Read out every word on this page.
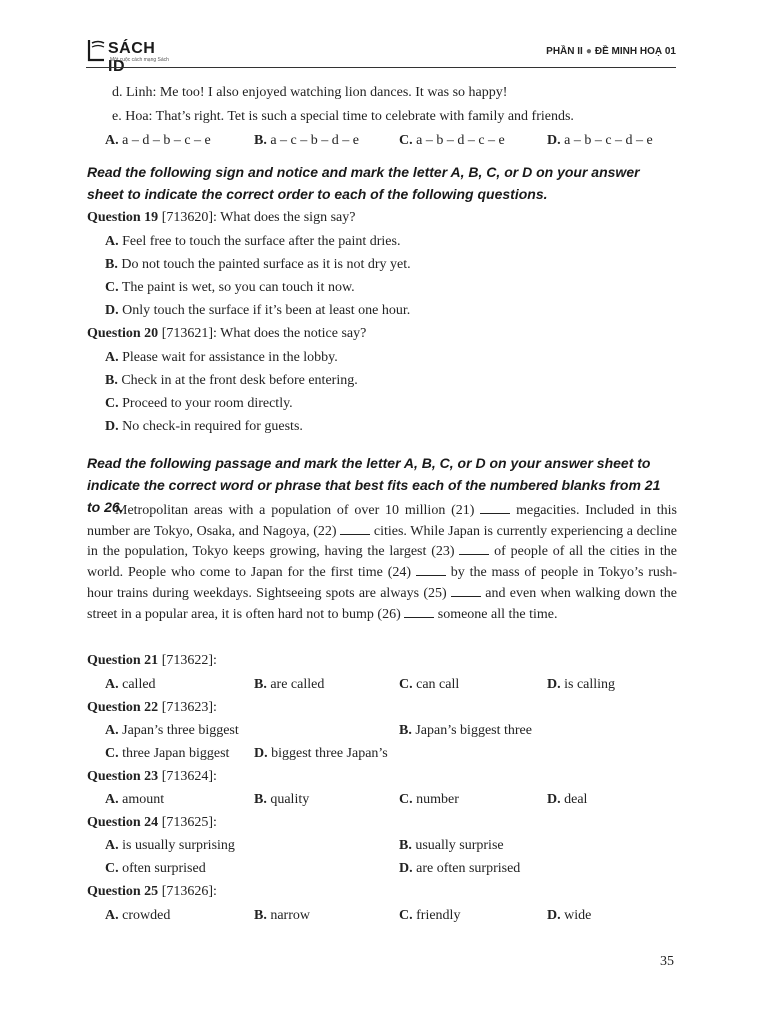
SÁCH ID
Một cuộc cách mạng Sách
PHẦN II ● ĐỀ MINH HOẠ 01
d. Linh: Me too! I also enjoyed watching lion dances. It was so happy!
e. Hoa: That’s right. Tet is such a special time to celebrate with family and friends.
A. a – d – b – c – e	B. a – c – b – d – e	C. a – b – d – c – e	D. a – b – c – d – e
Read the following sign and notice and mark the letter A, B, C, or D on your answer sheet to indicate the correct order to each of the following questions.
Question 19 [713620]: What does the sign say?
A. Feel free to touch the surface after the paint dries.
B. Do not touch the painted surface as it is not dry yet.
C. The paint is wet, so you can touch it now.
D. Only touch the surface if it’s been at least one hour.
Question 20 [713621]: What does the notice say?
A. Please wait for assistance in the lobby.
B. Check in at the front desk before entering.
C. Proceed to your room directly.
D. No check-in required for guests.
Read the following passage and mark the letter A, B, C, or D on your answer sheet to indicate the correct word or phrase that best fits each of the numbered blanks from 21 to 26.

Metropolitan areas with a population of over 10 million (21)	megacities. Included in this number are Tokyo, Osaka, and Nagoya, (22)	cities. While Japan is currently experiencing a decline in the population, Tokyo keeps growing, having the largest (23)	of people of all the cities in the world. People who come to Japan for the first time (24)	by the mass of people in Tokyo’s rush-hour trains during weekdays. Sightseeing spots are always (25)	and even when walking down the street in a popular area, it is often hard not to bump (26)	someone all the time.

Question 21 [713622]:
A. called	B. are called	C. can call	D. is calling
Question 22 [713623]:
A. Japan’s three biggest	B. Japan’s biggest three
C. three Japan biggest D. biggest three Japan’s
Question 23 [713624]:
A. amount	B. quality	C. number	D. deal
Question 24 [713625]:
A. is usually surprising	B. usually surprise
C. often surprised	D. are often surprised
Question 25 [713626]:
A. crowded	B. narrow	C. friendly	D. wide
35
